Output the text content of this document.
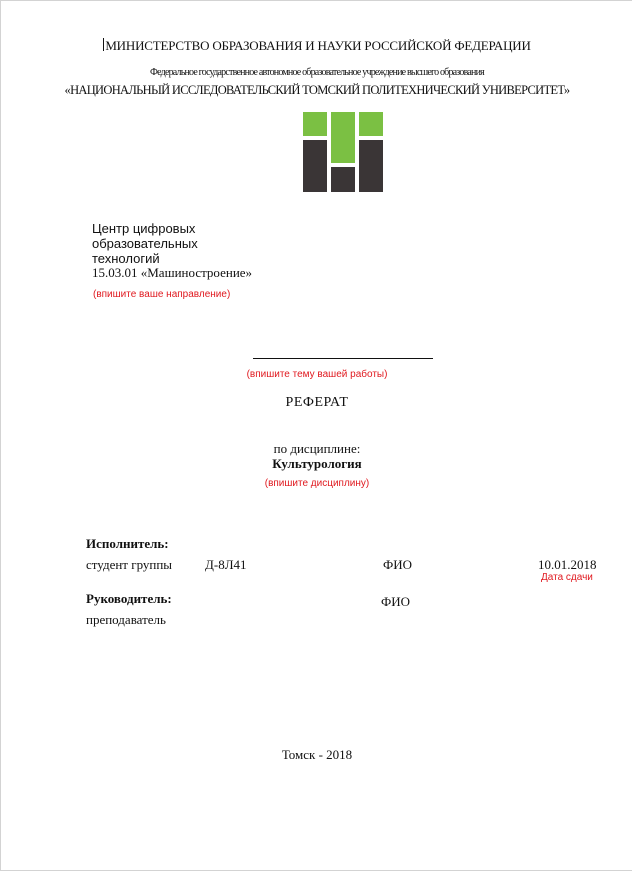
МИНИСТЕРСТВО ОБРАЗОВАНИЯ И НАУКИ РОССИЙСКОЙ ФЕДЕРАЦИИ
Федеральное государственное автономное образовательное учреждение высшего образования
«НАЦИОНАЛЬНЫЙ ИССЛЕДОВАТЕЛЬСКИЙ ТОМСКИЙ ПОЛИТЕХНИЧЕСКИЙ УНИВЕРСИТЕТ»
Центр цифровых образовательных технологий
15.03.01 «Машиностроение»
(впишите ваше направление)
(впишите тему вашей работы)
РЕФЕРАТ
по дисциплине:
Культурология
(впишите дисциплину)
Исполнитель:
студент группы	Д-8Л41	ФИО	10.01.2018
Дата сдачи
Руководитель:	ФИО
преподаватель
Томск - 2018
